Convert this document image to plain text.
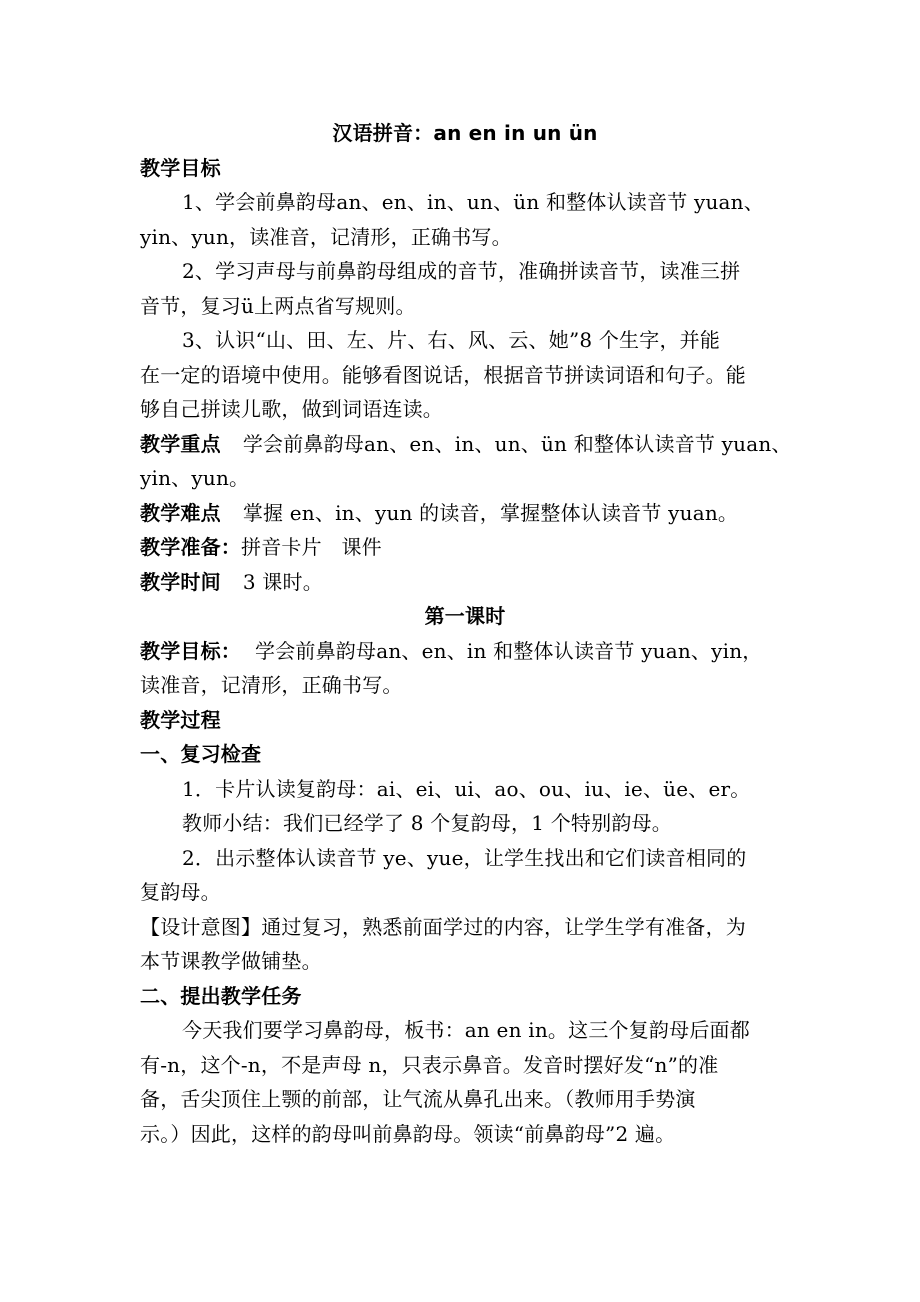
汉语拼音：an en in un ün
教学目标
1、学会前鼻韵母an、en、in、un、ün 和整体认读音节 yuan、
yin、yun，读准音，记清形，正确书写。
2、学习声母与前鼻韵母组成的音节，准确拼读音节，读准三拼
音节，复习ü上两点省写规则。
3、认识“山、田、左、片、右、风、云、她”8 个生字，并能
在一定的语境中使用。能够看图说话，根据音节拼读词语和句子。能
够自己拼读儿歌，做到词语连读。
教学重点 学会前鼻韵母an、en、in、un、ün 和整体认读音节 yuan、
yin、yun。
教学难点 掌握 en、in、yun 的读音，掌握整体认读音节 yuan。
教学准备：拼音卡片   课件
教学时间 3 课时。
第一课时
教学目标： 学会前鼻韵母an、en、in 和整体认读音节 yuan、yin，
读准音，记清形，正确书写。
教学过程
一、复习检查
1．卡片认读复韵母：ai、ei、ui、ao、ou、iu、ie、üe、er。
教师小结：我们已经学了 8 个复韵母，1 个特别韵母。
2．出示整体认读音节 ye、yue，让学生找出和它们读音相同的
复韵母。
【设计意图】通过复习，熟悉前面学过的内容，让学生学有准备，为
本节课教学做铺垫。
二、提出教学任务
今天我们要学习鼻韵母，板书：an en in。这三个复韵母后面都
有-n，这个-n，不是声母 n，只表示鼻音。发音时摆好发“n”的准
备，舌尖顶住上颚的前部，让气流从鼻孔出来。（教师用手势演
示。）因此，这样的韵母叫前鼻韵母。领读“前鼻韵母”2 遍。
